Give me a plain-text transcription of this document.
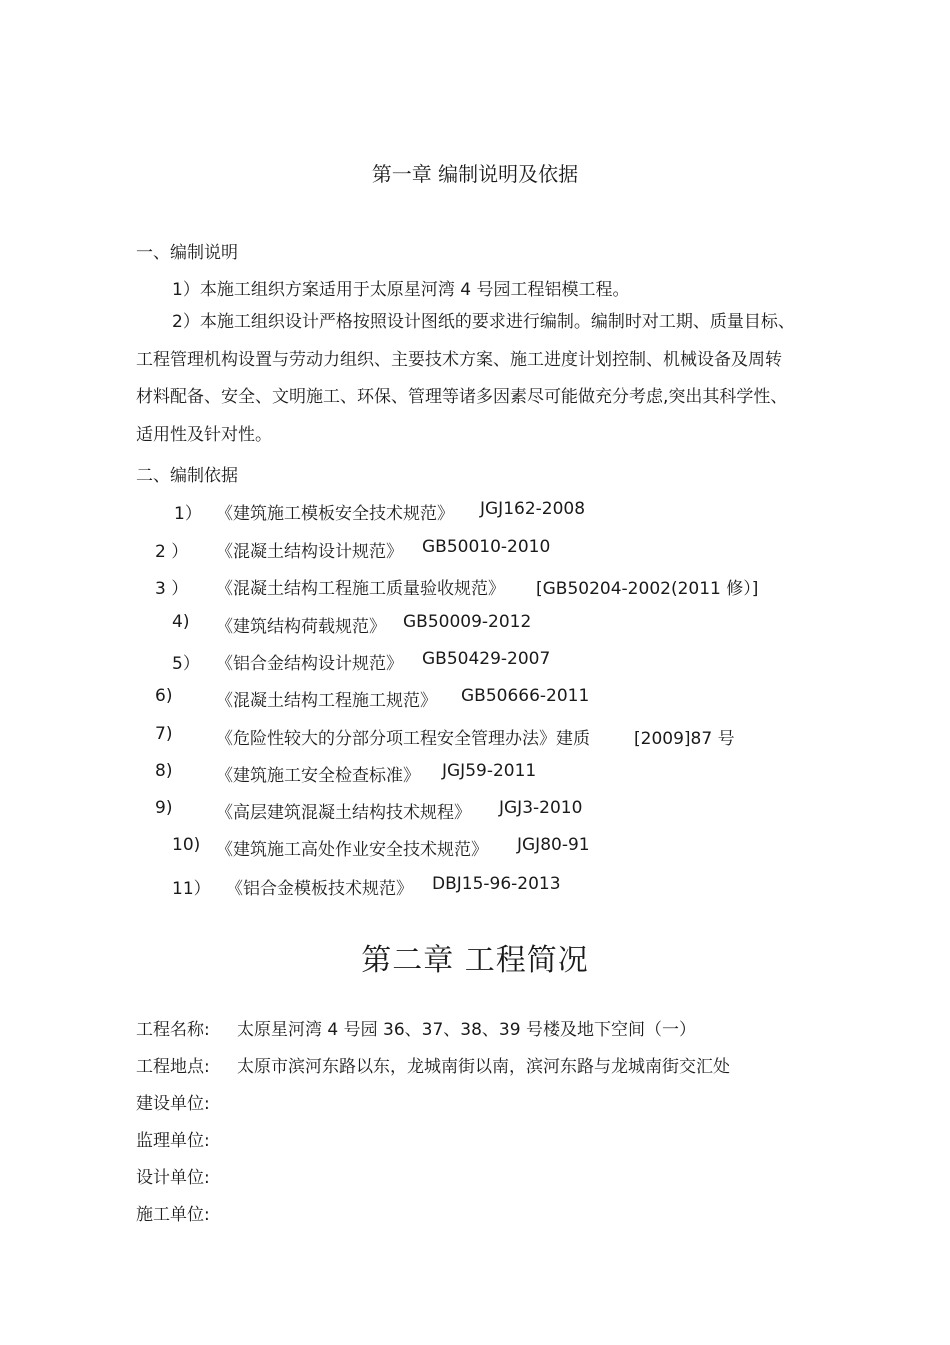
第一章 编制说明及依据
一、编制说明
1）本施工组织方案适用于太原星河湾 4 号园工程铝模工程。
2）本施工组织设计严格按照设计图纸的要求进行编制。编制时对工期、质量目标、工程管理机构设置与劳动力组织、主要技术方案、施工进度计划控制、机械设备及周转材料配备、安全、文明施工、环保、管理等诸多因素尽可能做充分考虑,突出其科学性、适用性及针对性。
二、编制依据
1） 《建筑施工模板安全技术规范》 JGJ162-2008
2 ） 《混凝土结构设计规范》 GB50010-2010
3 ） 《混凝土结构工程施工质量验收规范》 [GB50204-2002(2011 修）]
4) 《建筑结构荷载规范》 GB50009-2012
5） 《铝合金结构设计规范》 GB50429-2007
6)	《混凝土结构工程施工规范》 GB50666-2011
7)	《危险性较大的分部分项工程安全管理办法》建质	[2009]87 号
8)	《建筑施工安全检查标准》 JGJ59-2011
9)	《高层建筑混凝土结构技术规程》 JGJ3-2010
10) 《建筑施工高处作业安全技术规范》 JGJ80-91
11） 《铝合金模板技术规范》 DBJ15-96-2013
第二章 工程简况
工程名称: 太原星河湾 4 号园 36、37、38、39 号楼及地下空间（一）
工程地点: 太原市滨河东路以东，龙城南街以南，滨河东路与龙城南街交汇处
建设单位:
监理单位:
设计单位:
施工单位:
